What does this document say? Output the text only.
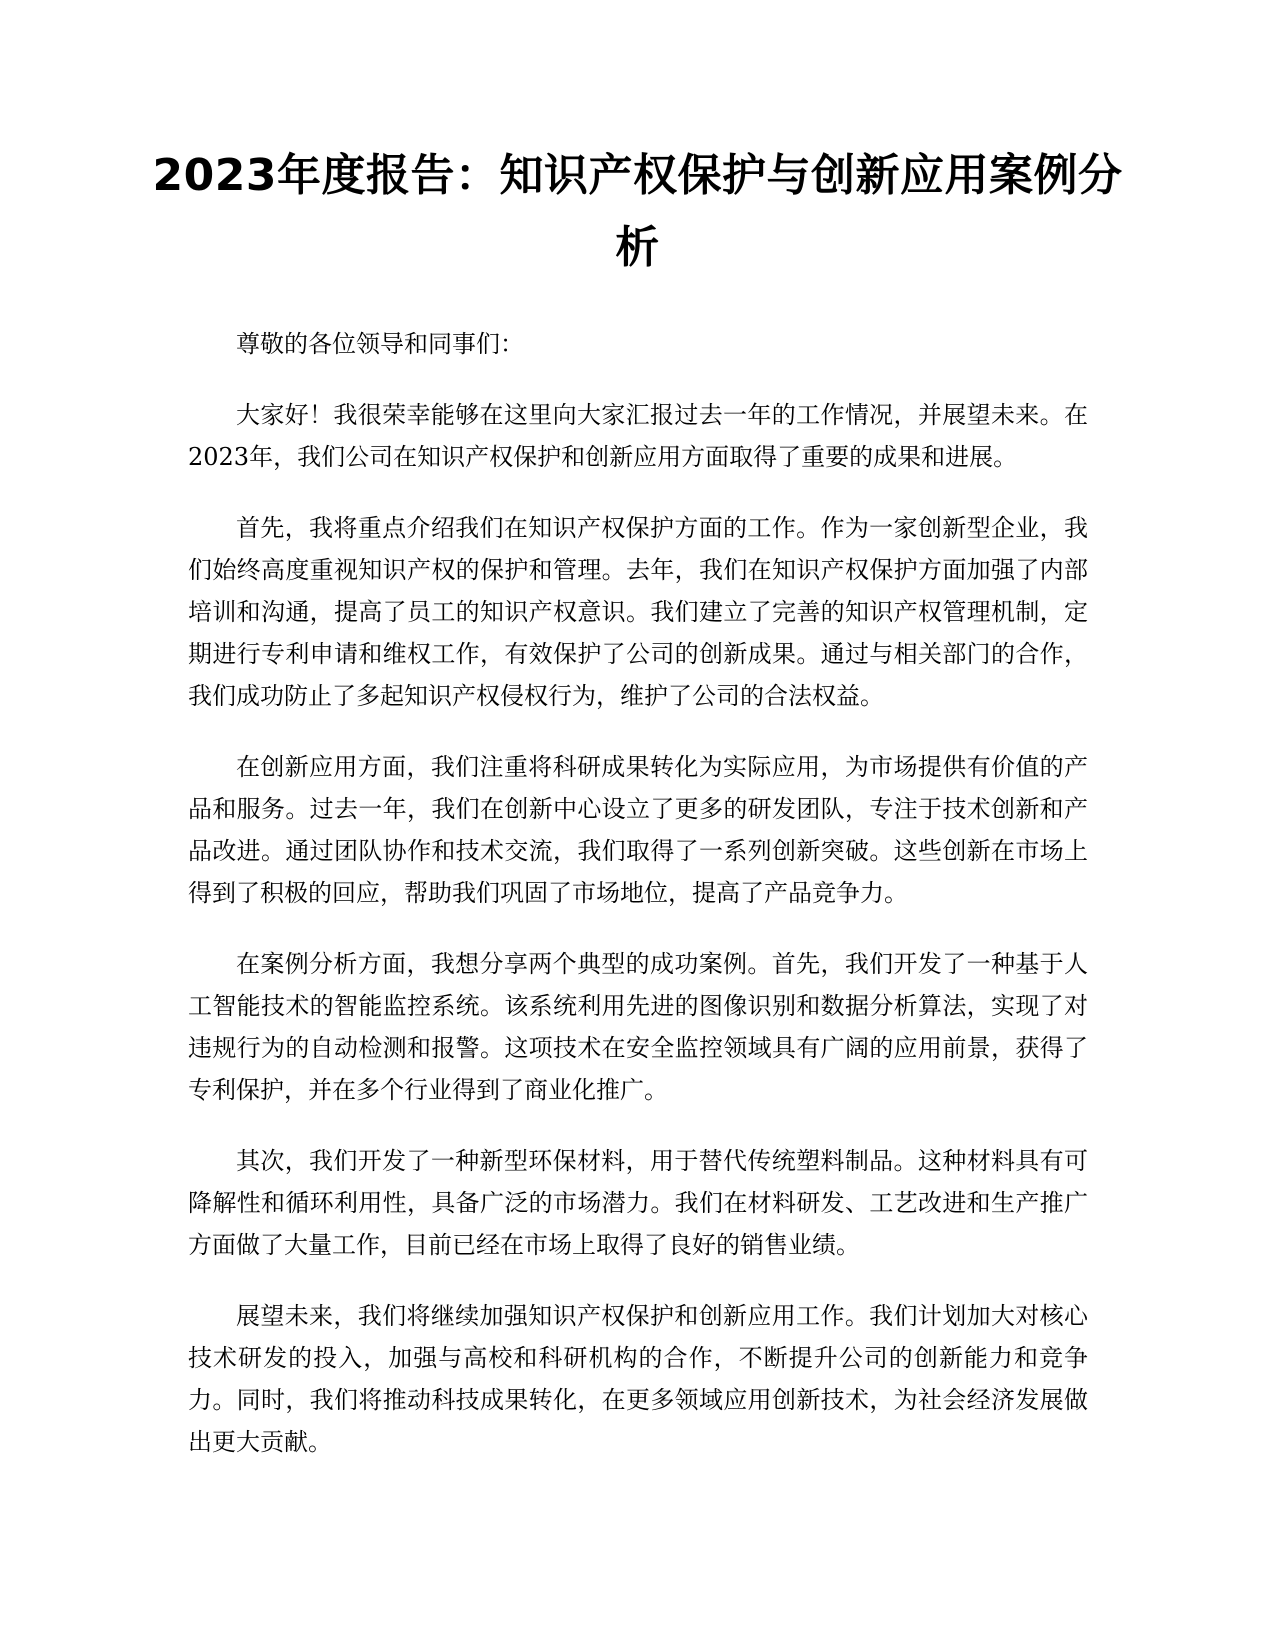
2023年度报告：知识产权保护与创新应用案例分析

尊敬的各位领导和同事们：

大家好！我很荣幸能够在这里向大家汇报过去一年的工作情况，并展望未来。在2023年，我们公司在知识产权保护和创新应用方面取得了重要的成果和进展。

首先，我将重点介绍我们在知识产权保护方面的工作。作为一家创新型企业，我们始终高度重视知识产权的保护和管理。去年，我们在知识产权保护方面加强了内部培训和沟通，提高了员工的知识产权意识。我们建立了完善的知识产权管理机制，定期进行专利申请和维权工作，有效保护了公司的创新成果。通过与相关部门的合作，我们成功防止了多起知识产权侵权行为，维护了公司的合法权益。

在创新应用方面，我们注重将科研成果转化为实际应用，为市场提供有价值的产品和服务。过去一年，我们在创新中心设立了更多的研发团队，专注于技术创新和产品改进。通过团队协作和技术交流，我们取得了一系列创新突破。这些创新在市场上得到了积极的回应，帮助我们巩固了市场地位，提高了产品竞争力。

在案例分析方面，我想分享两个典型的成功案例。首先，我们开发了一种基于人工智能技术的智能监控系统。该系统利用先进的图像识别和数据分析算法，实现了对违规行为的自动检测和报警。这项技术在安全监控领域具有广阔的应用前景，获得了专利保护，并在多个行业得到了商业化推广。

其次，我们开发了一种新型环保材料，用于替代传统塑料制品。这种材料具有可降解性和循环利用性，具备广泛的市场潜力。我们在材料研发、工艺改进和生产推广方面做了大量工作，目前已经在市场上取得了良好的销售业绩。

展望未来，我们将继续加强知识产权保护和创新应用工作。我们计划加大对核心技术研发的投入，加强与高校和科研机构的合作，不断提升公司的创新能力和竞争力。同时，我们将推动科技成果转化，在更多领域应用创新技术，为社会经济发展做出更大贡献。
